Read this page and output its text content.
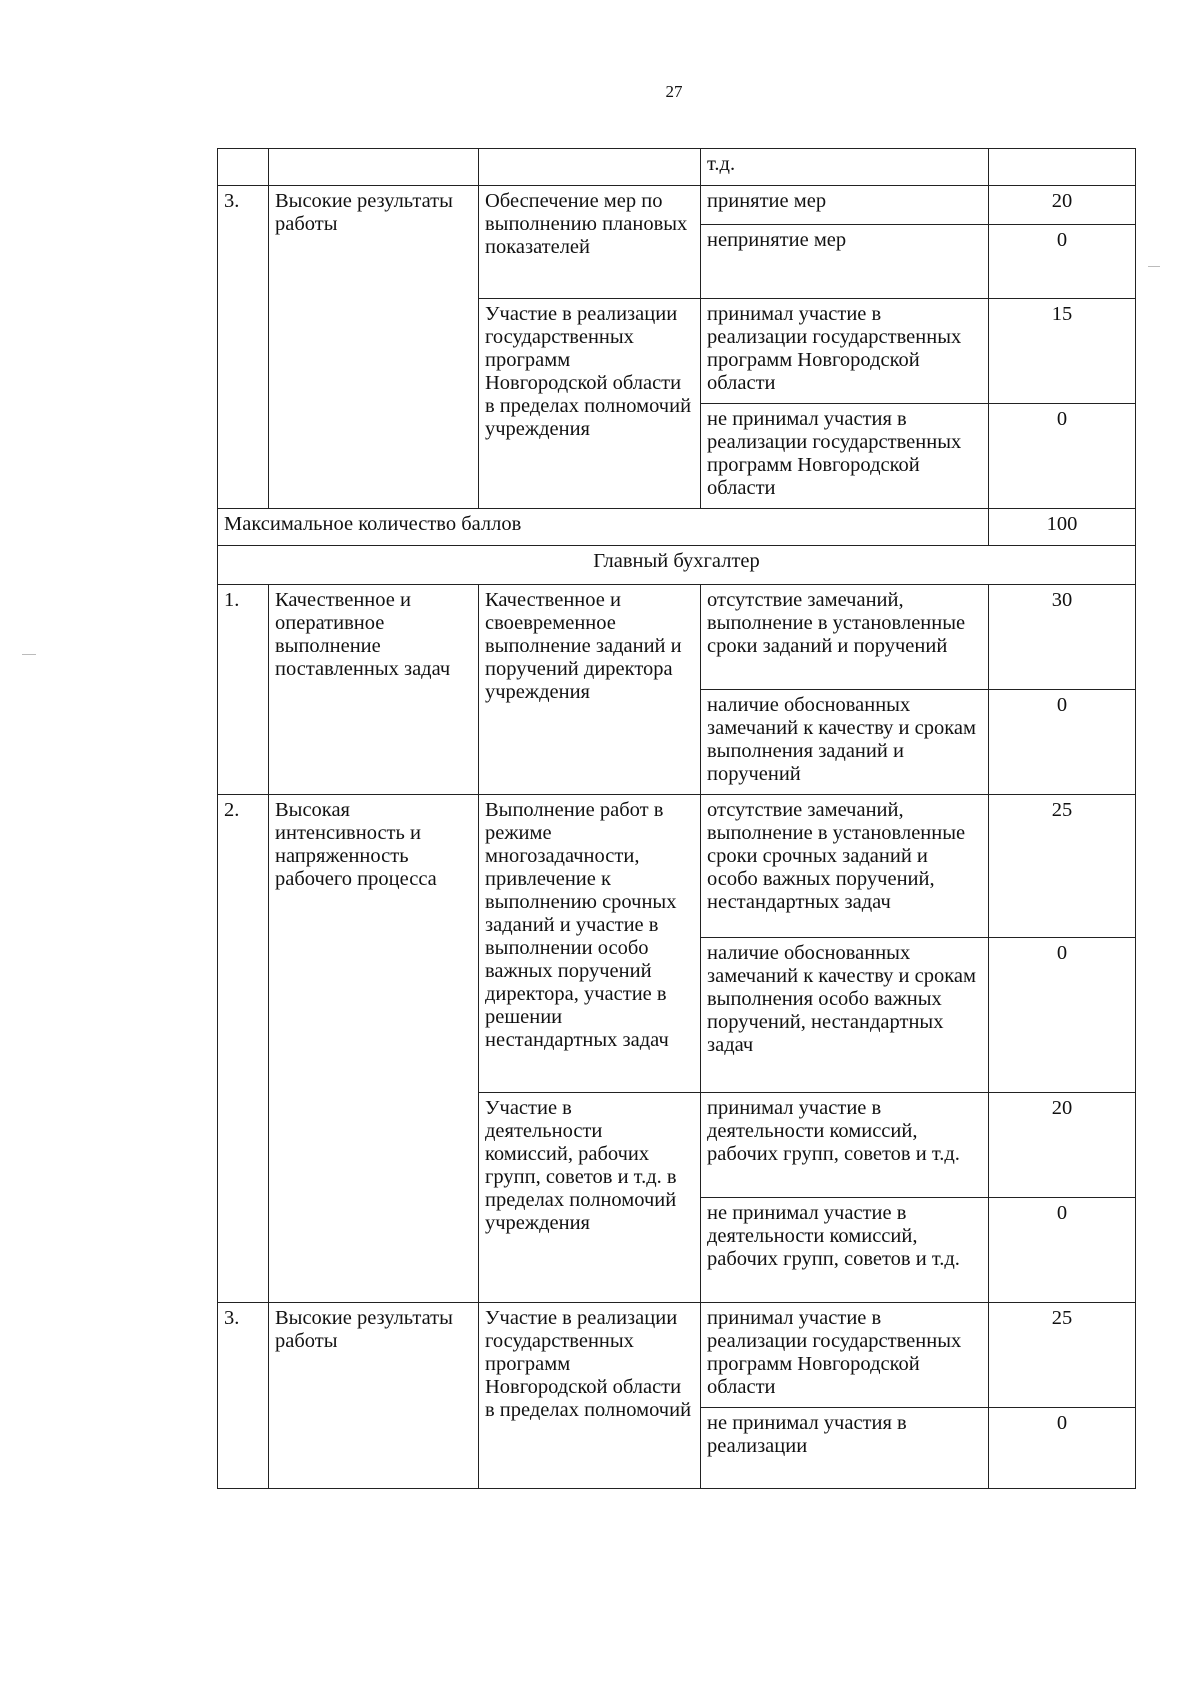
27
			т.д.	
3.	Высокие результаты работы	Обеспечение мер по выполнению плановых показателей	принятие мер	20
			непринятие мер	0
		Участие в реализации государственных программ Новгородской области в пределах полномочий учреждения	принимал участие в реализации государственных программ Новгородской области	15
			не принимал участия в реализации государственных программ Новгородской области	0
Максимальное количество баллов				100
Главный бухгалтер				
1.	Качественное и оперативное выполнение поставленных задач	Качественное и своевременное выполнение заданий и поручений директора учреждения	отсутствие замечаний, выполнение в установленные сроки заданий и поручений	30
			наличие обоснованных замечаний к качеству и срокам выполнения заданий и поручений	0
2.	Высокая интенсивность и напряженность рабочего процесса	Выполнение работ в режиме многозадачности, привлечение к выполнению срочных заданий и участие в выполнении особо важных поручений директора, участие в решении нестандартных задач	отсутствие замечаний, выполнение в установленные сроки срочных заданий и особо важных поручений, нестандартных задач	25
			наличие обоснованных замечаний к качеству и срокам выполнения особо важных поручений, нестандартных задач	0
		Участие в деятельности комиссий, рабочих групп, советов и т.д. в пределах полномочий учреждения	принимал участие в деятельности комиссий, рабочих групп, советов и т.д.	20
			не принимал участие в деятельности комиссий, рабочих групп, советов и т.д.	0
3.	Высокие результаты работы	Участие в реализации государственных программ Новгородской области в пределах полномочий	принимал участие в реализации государственных программ Новгородской области	25
			не принимал участия в реализации	0
